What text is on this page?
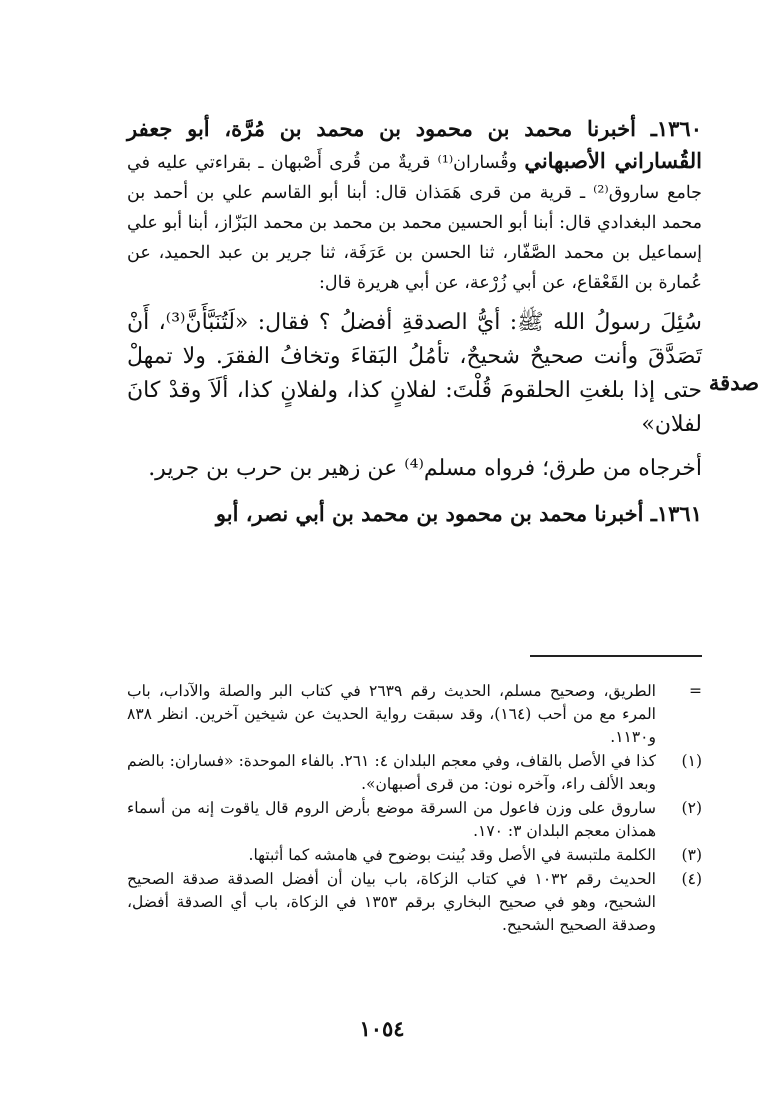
١٣٦٠ـ أخبرنا محمد بن محمود بن محمد بن مُرَّة، أبو جعفر القُساراني الأصبهاني وقُساران⁽¹⁾ قريةٌ من قُرى أَصْبهان ـ بقراءتي عليه في جامع ساروق⁽²⁾ ـ قرية من قرى هَمَذان قال: أبنا أبو القاسم علي بن أحمد بن محمد البغدادي قال: أبنا أبو الحسين محمد بن محمد بن محمد البَزّاز، أبنا أبو علي إسماعيل بن محمد الصَّفّار، ثنا الحسن بن عَرَفَة، ثنا جرير بن عبد الحميد، عن عُمارة بن القَعْقاع، عن أبي زُرْعة، عن أبي هريرة قال:

سُئِلَ رسولُ الله ﷺ: أيُّ الصدقةِ أفضلُ ؟ فقال: «لَتُنَبَّأَنَّ⁽³⁾، أَنْ تَصَدَّقَ وأنت صحيحٌ شحيحٌ، تأمُلُ البَقاءَ وتخافُ الفقرَ. ولا تمهلْ حتى إذا بلغتِ الحلقومَ قُلْتَ: لفلانٍ كذا، ولفلانٍ كذا، ألَاَ وقدْ كانَ لفلان»

أخرجاه من طرق؛ فرواه مسلم⁽⁴⁾ عن زهير بن حرب بن جرير.

١٣٦١ـ أخبرنا محمد بن محمود بن محمد بن أبي نصر، أبو

صدقة
=
الطريق، وصحيح مسلم، الحديث رقم ٢٦٣٩ في كتاب البر والصلة والآداب، باب المرء مع من أحب (١٦٤)، وقد سبقت رواية الحديث عن شيخين آخرين. انظر ٨٣٨ و١١٣٠.
(١)
كذا في الأصل بالقاف، وفي معجم البلدان ٤: ٢٦١. بالفاء الموحدة: «فساران: بالضم وبعد الألف راء، وآخره نون: من قرى أصبهان».
(٢)
ساروق على وزن فاعول من السرقة موضع بأرض الروم قال ياقوت إنه من أسماء همذان معجم البلدان ٣: ١٧٠.
(٣)
الكلمة ملتبسة في الأصل وقد بُينت بوضوح في هامشه كما أثبتها.
(٤)
الحديث رقم ١٠٣٢ في كتاب الزكاة، باب بيان أن أفضل الصدقة صدقة الصحيح الشحيح، وهو في صحيح البخاري برقم ١٣٥٣ في الزكاة، باب أي الصدقة أفضل، وصدقة الصحيح الشحيح.
١٠٥٤
